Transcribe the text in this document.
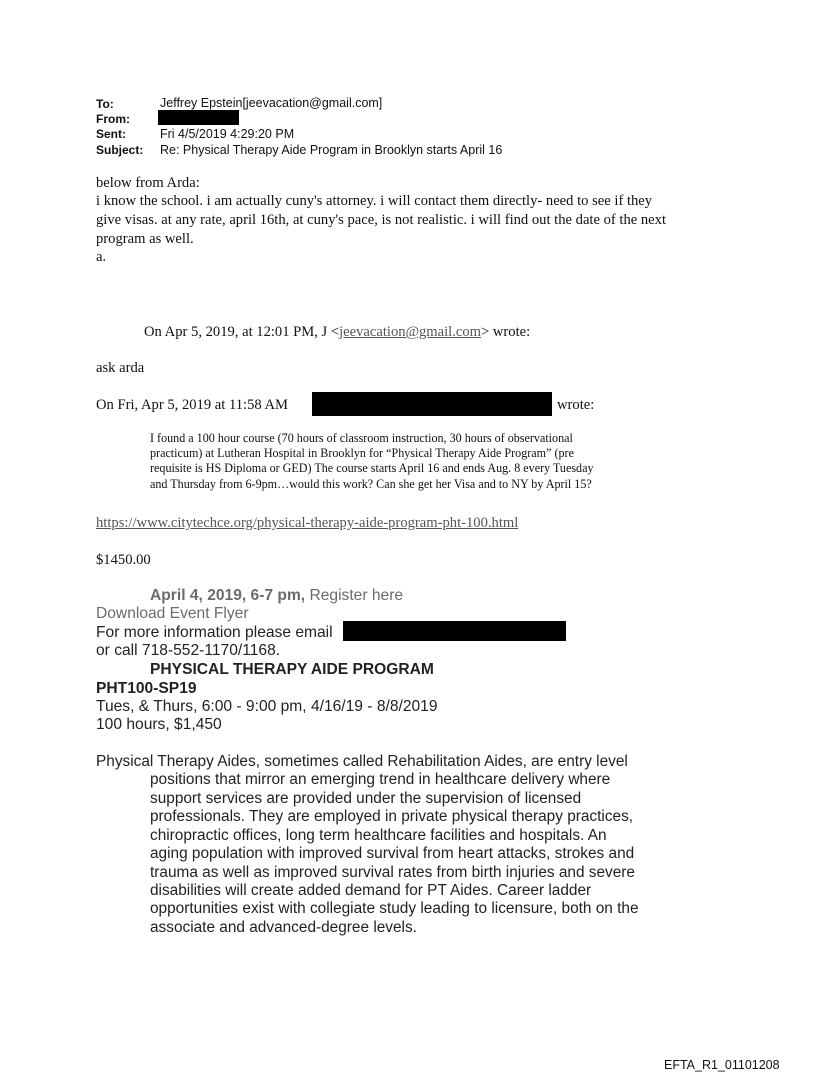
To:	Jeffrey Epstein[jeevacation@gmail.com]
From:
Sent:	Fri 4/5/2019 4:29:20 PM
Subject: Re: Physical Therapy Aide Program in Brooklyn starts April 16
below from Arda:
i know the school. i am actually cuny's attorney. i will contact them directly- need to see if they
give visas. at any rate, april 16th, at cuny's pace, is not realistic. i will find out the date of the next
program as well.
a.
On Apr 5, 2019, at 12:01 PM, J <jeevacation@gmail.com> wrote:
ask arda
On Fri, Apr 5, 2019 at 11:58 AM	wrote:
I found a 100 hour course (70 hours of classroom instruction, 30 hours of observational
practicum) at Lutheran Hospital in Brooklyn for “Physical Therapy Aide Program” (pre
requisite is HS Diploma or GED) The course starts April 16 and ends Aug. 8 every Tuesday
and Thursday from 6-9pm…would this work? Can she get her Visa and to NY by April 15?
https://www.citytechce.org/physical-therapy-aide-program-pht-100.html
$1450.00
April 4, 2019, 6-7 pm, Register here
Download Event Flyer
For more information please email
or call 718-552-1170/1168.
PHYSICAL THERAPY AIDE PROGRAM
PHT100-SP19
Tues, & Thurs, 6:00 - 9:00 pm, 4/16/19 - 8/8/2019
100 hours, $1,450
Physical Therapy Aides, sometimes called Rehabilitation Aides, are entry level
positions that mirror an emerging trend in healthcare delivery where
support services are provided under the supervision of licensed
professionals. They are employed in private physical therapy practices,
chiropractic offices, long term healthcare facilities and hospitals. An
aging population with improved survival from heart attacks, strokes and
trauma as well as improved survival rates from birth injuries and severe
disabilities will create added demand for PT Aides. Career ladder
opportunities exist with collegiate study leading to licensure, both on the
associate and advanced-degree levels.
EFTA_R1_01101208
